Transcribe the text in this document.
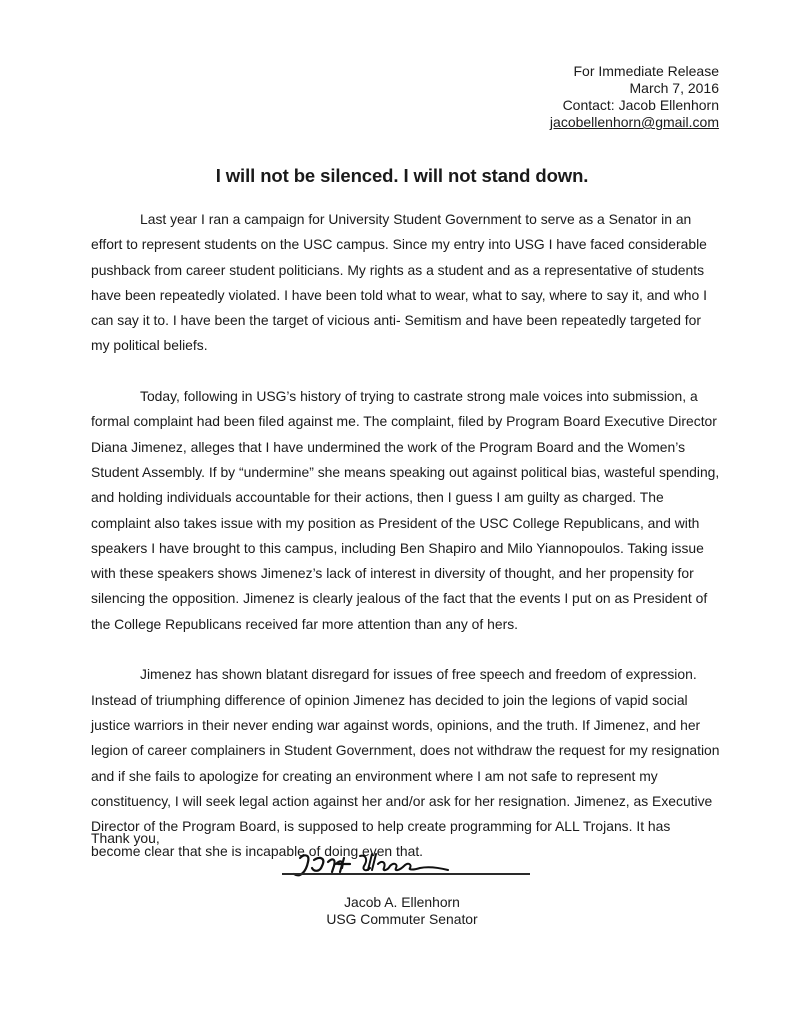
For Immediate Release
March 7, 2016
Contact: Jacob Ellenhorn
jacobellenhorn@gmail.com
I will not be silenced. I will not stand down.

Last year I ran a campaign for University Student Government to serve as a Senator in an effort to represent students on the USC campus. Since my entry into USG I have faced considerable pushback from career student politicians. My rights as a student and as a representative of students have been repeatedly violated. I have been told what to wear, what to say, where to say it, and who I can say it to. I have been the target of vicious anti- Semitism and have been repeatedly targeted for my political beliefs.

Today, following in USG’s history of trying to castrate strong male voices into submission, a formal complaint had been filed against me. The complaint, filed by Program Board Executive Director Diana Jimenez, alleges that I have undermined the work of the Program Board and the Women’s Student Assembly. If by “undermine” she means speaking out against political bias, wasteful spending, and holding individuals accountable for their actions, then I guess I am guilty as charged. The complaint also takes issue with my position as President of the USC College Republicans, and with speakers I have brought to this campus, including Ben Shapiro and Milo Yiannopoulos. Taking issue with these speakers shows Jimenez’s lack of interest in diversity of thought, and her propensity for silencing the opposition. Jimenez is clearly jealous of the fact that the events I put on as President of the College Republicans received far more attention than any of hers.

Jimenez has shown blatant disregard for issues of free speech and freedom of expression. Instead of triumphing difference of opinion Jimenez has decided to join the legions of vapid social justice warriors in their never ending war against words, opinions, and the truth. If Jimenez, and her legion of career complainers in Student Government, does not withdraw the request for my resignation and if she fails to apologize for creating an environment where I am not safe to represent my constituency, I will seek legal action against her and/or ask for her resignation. Jimenez, as Executive Director of the Program Board, is supposed to help create programming for ALL Trojans. It has become clear that she is incapable of doing even that.

Thank you,
Jacob A. Ellenhorn
USG Commuter Senator
